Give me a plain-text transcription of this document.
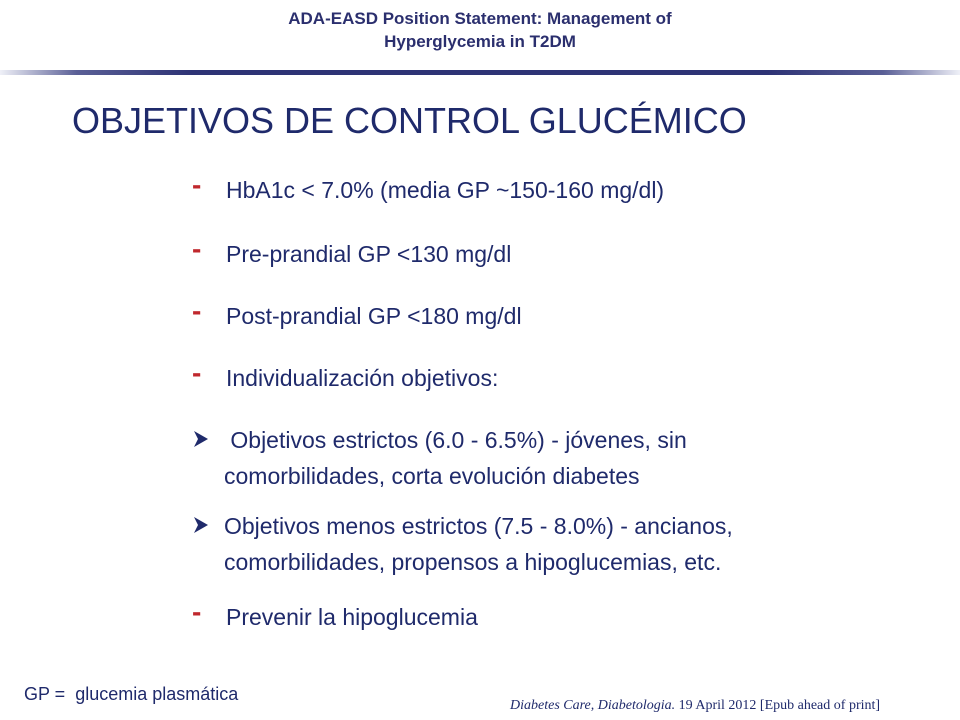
ADA-EASD Position Statement: Management of
Hyperglycemia in T2DM
OBJETIVOS DE CONTROL GLUCÉMICO
- HbA1c < 7.0% (media GP ~150-160 mg/dl)
- Pre-prandial GP <130 mg/dl
- Post-prandial GP <180 mg/dl
- Individualización objetivos:
Objetivos estrictos (6.0 - 6.5%) - jóvenes, sin
comorbilidades, corta evolución diabetes
Objetivos menos estrictos (7.5 - 8.0%) - ancianos,
comorbilidades, propensos a hipoglucemias, etc.
- Prevenir la hipoglucemia
GP =  glucemia plasmática
Diabetes Care, Diabetologia. 19 April 2012 [Epub ahead of print]
